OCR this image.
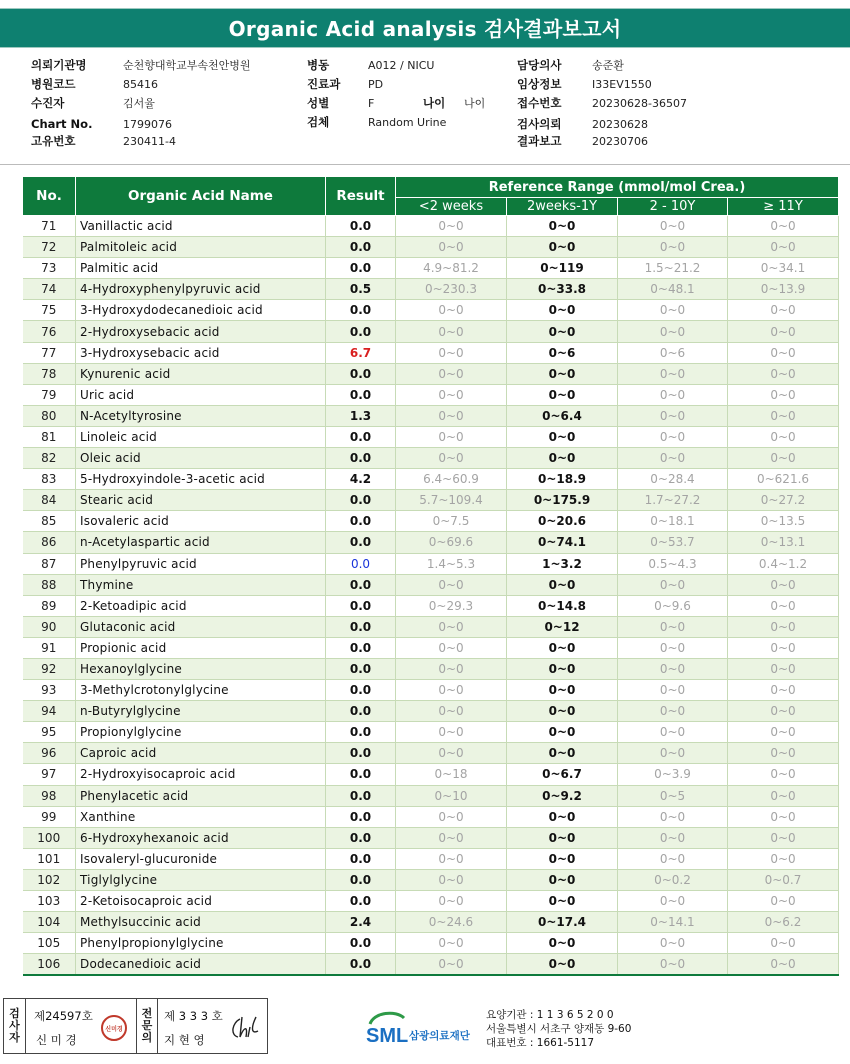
Organic Acid analysis 검사결과보고서
의뢰기관명	순천향대학교부속천안병원	병동	A012 / NICU	담당의사	송준환
병원코드	85416	진료과	PD	임상정보	I33EV1550
수진자	김서율	성별	F	나이 나이	접수번호	20230628-36507
검체	Random Urine
Chart No.	1799076	검사의뢰	20230628
고유번호	230411-4	결과보고	20230706
No.	Organic Acid Name	Result	Reference Range (mmol/mol Crea.)			
			<2 weeks	2weeks-1Y	2 - 10Y	≥ 11Y
71	Vanillactic acid	0.0	0~0	0~0	0~0	0~0
72	Palmitoleic acid	0.0	0~0	0~0	0~0	0~0
73	Palmitic acid	0.0	4.9~81.2	0~119	1.5~21.2	0~34.1
74	4-Hydroxyphenylpyruvic acid	0.5	0~230.3	0~33.8	0~48.1	0~13.9
75	3-Hydroxydodecanedioic acid	0.0	0~0	0~0	0~0	0~0
76	2-Hydroxysebacic acid	0.0	0~0	0~0	0~0	0~0
77	3-Hydroxysebacic acid	6.7	0~0	0~6	0~6	0~0
78	Kynurenic acid	0.0	0~0	0~0	0~0	0~0
79	Uric acid	0.0	0~0	0~0	0~0	0~0
80	N-Acetyltyrosine	1.3	0~0	0~6.4	0~0	0~0
81	Linoleic acid	0.0	0~0	0~0	0~0	0~0
82	Oleic acid	0.0	0~0	0~0	0~0	0~0
83	5-Hydroxyindole-3-acetic acid	4.2	6.4~60.9	0~18.9	0~28.4	0~621.6
84	Stearic acid	0.0	5.7~109.4	0~175.9	1.7~27.2	0~27.2
85	Isovaleric acid	0.0	0~7.5	0~20.6	0~18.1	0~13.5
86	n-Acetylaspartic acid	0.0	0~69.6	0~74.1	0~53.7	0~13.1
87	Phenylpyruvic acid	0.0	1.4~5.3	1~3.2	0.5~4.3	0.4~1.2
88	Thymine	0.0	0~0	0~0	0~0	0~0
89	2-Ketoadipic acid	0.0	0~29.3	0~14.8	0~9.6	0~0
90	Glutaconic acid	0.0	0~0	0~12	0~0	0~0
91	Propionic acid	0.0	0~0	0~0	0~0	0~0
92	Hexanoylglycine	0.0	0~0	0~0	0~0	0~0
93	3-Methylcrotonylglycine	0.0	0~0	0~0	0~0	0~0
94	n-Butyrylglycine	0.0	0~0	0~0	0~0	0~0
95	Propionylglycine	0.0	0~0	0~0	0~0	0~0
96	Caproic acid	0.0	0~0	0~0	0~0	0~0
97	2-Hydroxyisocaproic acid	0.0	0~18	0~6.7	0~3.9	0~0
98	Phenylacetic acid	0.0	0~10	0~9.2	0~5	0~0
99	Xanthine	0.0	0~0	0~0	0~0	0~0
100	6-Hydroxyhexanoic acid	0.0	0~0	0~0	0~0	0~0
101	Isovaleryl-glucuronide	0.0	0~0	0~0	0~0	0~0
102	Tiglylglycine	0.0	0~0	0~0	0~0.2	0~0.7
103	2-Ketoisocaproic acid	0.0	0~0	0~0	0~0	0~0
104	Methylsuccinic acid	2.4	0~24.6	0~17.4	0~14.1	0~6.2
105	Phenylpropionylglycine	0.0	0~0	0~0	0~0	0~0
106	Dodecanedioic acid	0.0	0~0	0~0	0~0	0~0
검
사
자
제24597호
신 미 경
신미경
전
문
의
제 3 3 3 호
지 현 영	SML 삼광의료재단
요양기관 : 1 1 3 6 5 2 0 0
서울특별시 서초구 양재동 9-60
대표번호 : 1661-5117
